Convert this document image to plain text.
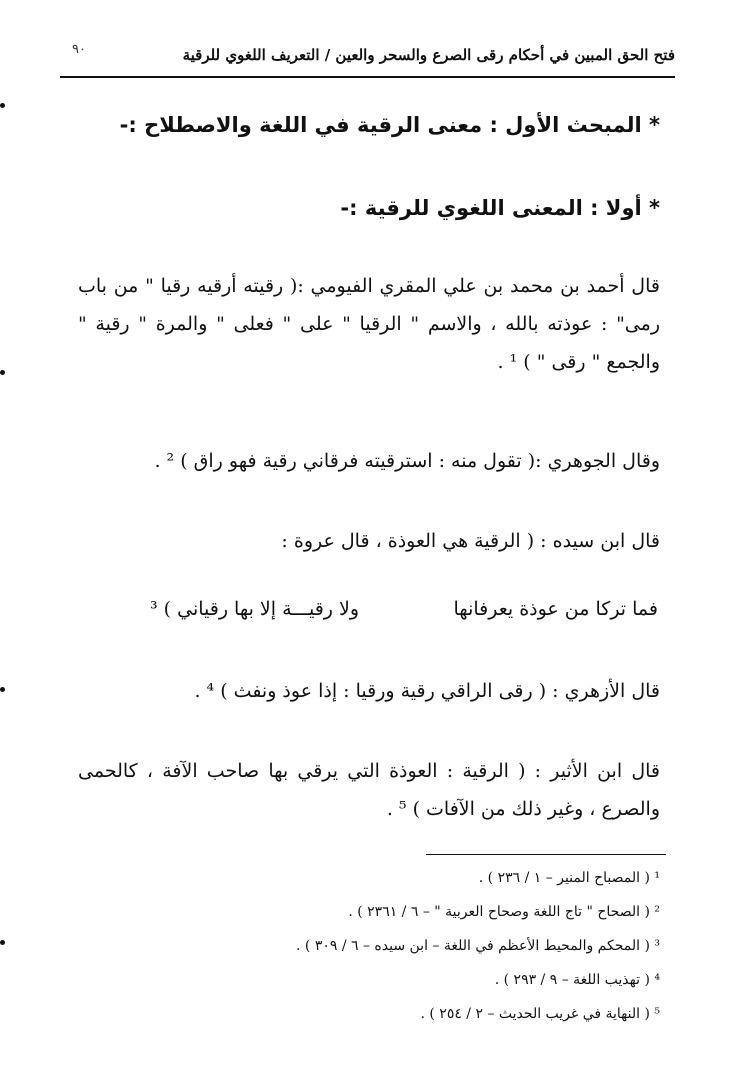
٩٠	فتح الحق المبين في أحكام رقى الصرع والسحر والعين / التعريف اللغوي للرقية
* المبحث الأول : معنى الرقية في اللغة والاصطلاح :-
* أولا : المعنى اللغوي للرقية :-
قال أحمد بن محمد بن علي المقري الفيومي :( رقيته أرقيه رقيا " من باب رمى" : عوذته بالله ، والاسم " الرقيا " على " فعلى " والمرة " رقية " والجمع " رقى " ) ¹ .
وقال الجوهري :( تقول منه : استرقيته فرقاني رقية فهو راق ) ² .
قال ابن سيده : ( الرقية هي العوذة ، قال عروة :
فما تركا من عوذة يعرفانها
ولا رقيـــة إلا بها رقياني ) ³
قال الأزهري : ( رقى الراقي رقية ورقيا : إذا عوذ ونفث ) ⁴ .
قال ابن الأثير : ( الرقية : العوذة التي يرقي بها صاحب الآفة ، كالحمى والصرع ، وغير ذلك من الآفات ) ⁵ .
¹ ( المصباح المنير – ١ / ٢٣٦ ) .
² ( الصحاح " تاج اللغة وصحاح العربية " – ٦ / ٢٣٦١ ) .
³ ( المحكم والمحيط الأعظم في اللغة – ابن سيده – ٦ / ٣٠٩ ) .
⁴ ( تهذيب اللغة – ٩ / ٢٩٣ ) .
⁵ ( النهاية في غريب الحديث – ٢ / ٢٥٤ ) .
